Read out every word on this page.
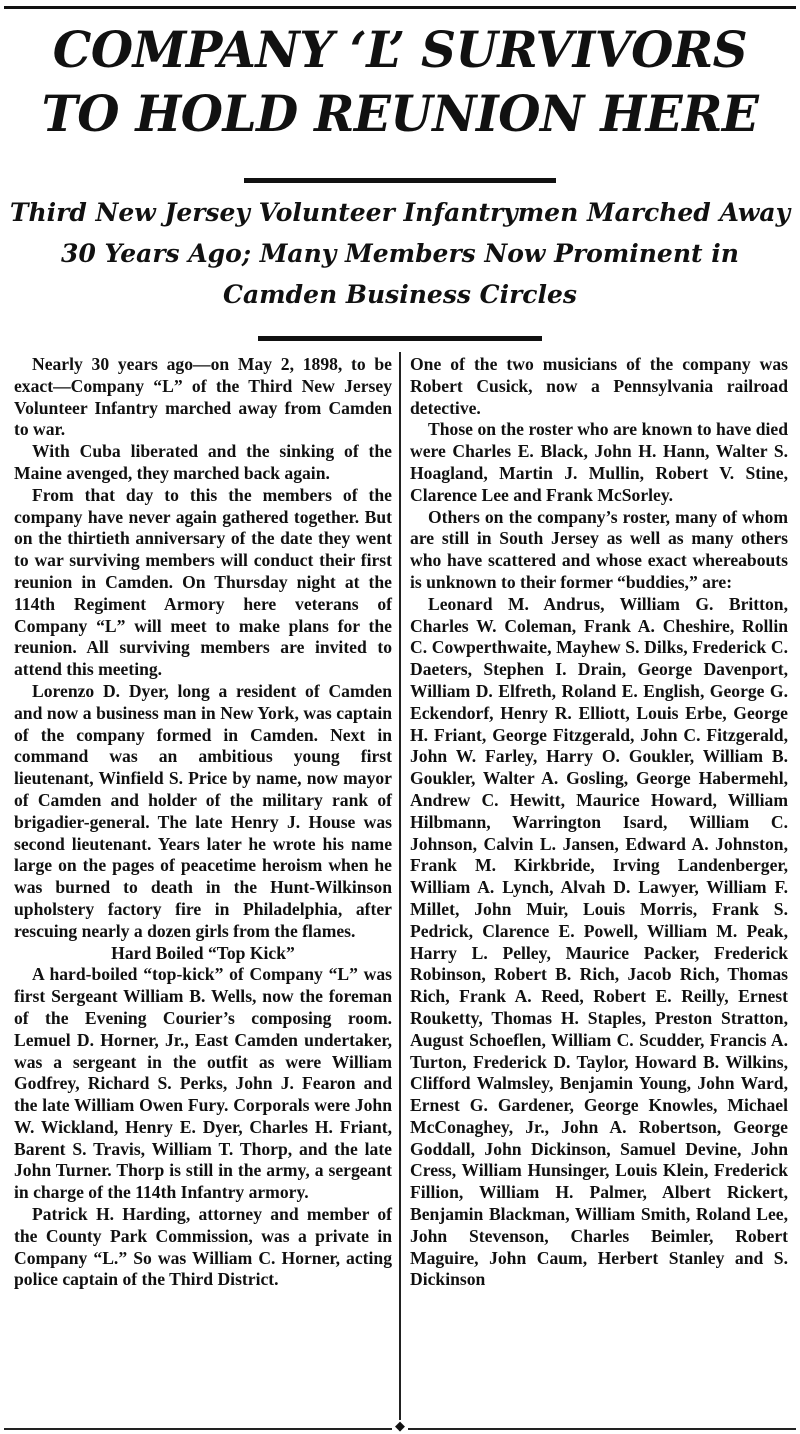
COMPANY ‘L’ SURVIVORS TO HOLD REUNION HERE
Third New Jersey Volunteer Infantrymen Marched Away 30 Years Ago; Many Members Now Prominent in Camden Business Circles

Nearly 30 years ago—on May 2, 1898, to be exact—Company “L” of the Third New Jersey Volunteer Infantry marched away from Camden to war.

With Cuba liberated and the sinking of the Maine avenged, they marched back again.

From that day to this the members of the company have never again gathered together. But on the thirtieth anniversary of the date they went to war surviving members will conduct their first reunion in Camden. On Thursday night at the 114th Regiment Armory here veterans of Company “L” will meet to make plans for the reunion. All surviving members are invited to attend this meeting.

Lorenzo D. Dyer, long a resident of Camden and now a business man in New York, was captain of the company formed in Camden. Next in command was an ambitious young first lieutenant, Winfield S. Price by name, now mayor of Camden and holder of the military rank of brigadier-general. The late Henry J. House was second lieutenant. Years later he wrote his name large on the pages of peacetime heroism when he was burned to death in the Hunt-Wilkinson upholstery factory fire in Philadelphia, after rescuing nearly a dozen girls from the flames.

Hard Boiled “Top Kick”

A hard-boiled “top-kick” of Company “L” was first Sergeant William B. Wells, now the foreman of the Evening Courier’s composing room. Lemuel D. Horner, Jr., East Camden undertaker, was a sergeant in the outfit as were William Godfrey, Richard S. Perks, John J. Fearon and the late William Owen Fury. Corporals were John W. Wickland, Henry E. Dyer, Charles H. Friant, Barent S. Travis, William T. Thorp, and the late John Turner. Thorp is still in the army, a sergeant in charge of the 114th Infantry armory.

Patrick H. Harding, attorney and member of the County Park Commission, was a private in Company “L.” So was William C. Horner, acting police captain of the Third District.

One of the two musicians of the company was Robert Cusick, now a Pennsylvania railroad detective.

Those on the roster who are known to have died were Charles E. Black, John H. Hann, Walter S. Hoagland, Martin J. Mullin, Robert V. Stine, Clarence Lee and Frank McSorley.

Others on the company’s roster, many of whom are still in South Jersey as well as many others who have scattered and whose exact whereabouts is unknown to their former “buddies,” are:

Leonard M. Andrus, William G. Britton, Charles W. Coleman, Frank A. Cheshire, Rollin C. Cowperthwaite, Mayhew S. Dilks, Frederick C. Daeters, Stephen I. Drain, George Davenport, William D. Elfreth, Roland E. English, George G. Eckendorf, Henry R. Elliott, Louis Erbe, George H. Friant, George Fitzgerald, John C. Fitzgerald, John W. Farley, Harry O. Goukler, William B. Goukler, Walter A. Gosling, George Habermehl, Andrew C. Hewitt, Maurice Howard, William Hilbmann, Warrington Isard, William C. Johnson, Calvin L. Jansen, Edward A. Johnston, Frank M. Kirkbride, Irving Landenberger, William A. Lynch, Alvah D. Lawyer, William F. Millet, John Muir, Louis Morris, Frank S. Pedrick, Clarence E. Powell, William M. Peak, Harry L. Pelley, Maurice Packer, Frederick Robinson, Robert B. Rich, Jacob Rich, Thomas Rich, Frank A. Reed, Robert E. Reilly, Ernest Rouketty, Thomas H. Staples, Preston Stratton, August Schoeflen, William C. Scudder, Francis A. Turton, Frederick D. Taylor, Howard B. Wilkins, Clifford Walmsley, Benjamin Young, John Ward, Ernest G. Gardener, George Knowles, Michael McConaghey, Jr., John A. Robertson, George Goddall, John Dickinson, Samuel Devine, John Cress, William Hunsinger, Louis Klein, Frederick Fillion, William H. Palmer, Albert Rickert, Benjamin Blackman, William Smith, Roland Lee, John Stevenson, Charles Beimler, Robert Maguire, John Caum, Herbert Stanley and S. Dickinson

◆
